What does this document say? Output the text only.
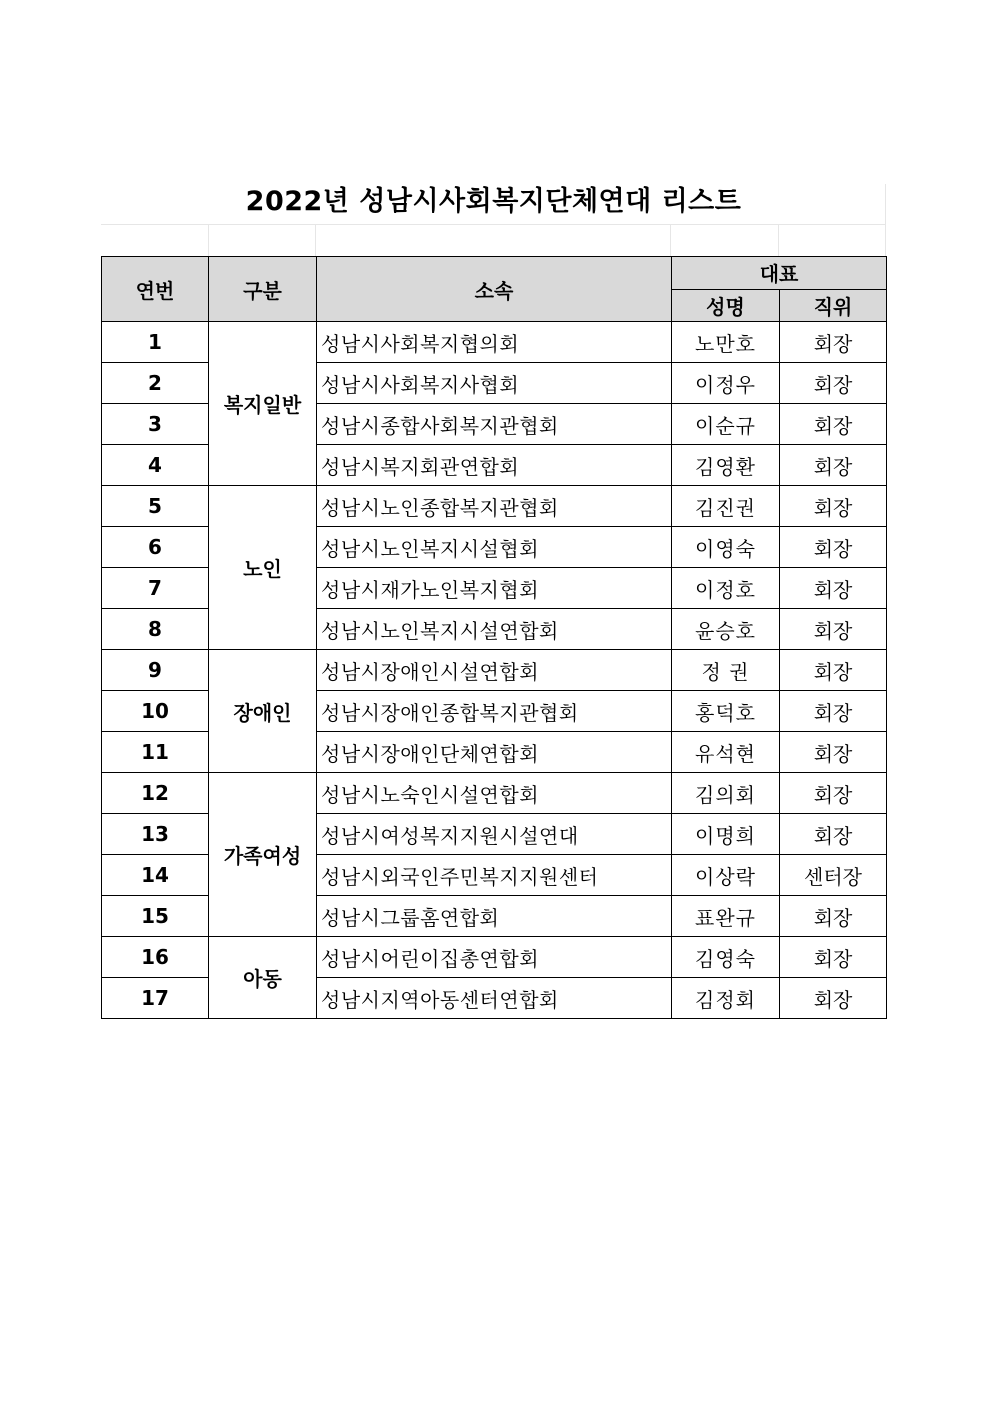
2022년 성남시사회복지단체연대 리스트
연번	구분	소속	대표	
			성명	직위
1	복지일반	성남시사회복지협의회	노만호	회장
2		성남시사회복지사협회	이정우	회장
3		성남시종합사회복지관협회	이순규	회장
4		성남시복지회관연합회	김영환	회장
5	노인	성남시노인종합복지관협회	김진권	회장
6		성남시노인복지시설협회	이영숙	회장
7		성남시재가노인복지협회	이정호	회장
8		성남시노인복지시설연합회	윤승호	회장
9	장애인	성남시장애인시설연합회	정 권	회장
10		성남시장애인종합복지관협회	홍덕호	회장
11		성남시장애인단체연합회	유석현	회장
12	가족여성	성남시노숙인시설연합회	김의회	회장
13		성남시여성복지지원시설연대	이명희	회장
14		성남시외국인주민복지지원센터	이상락	센터장
15		성남시그룹홈연합회	표완규	회장
16	아동	성남시어린이집총연합회	김영숙	회장
17		성남시지역아동센터연합회	김정회	회장
